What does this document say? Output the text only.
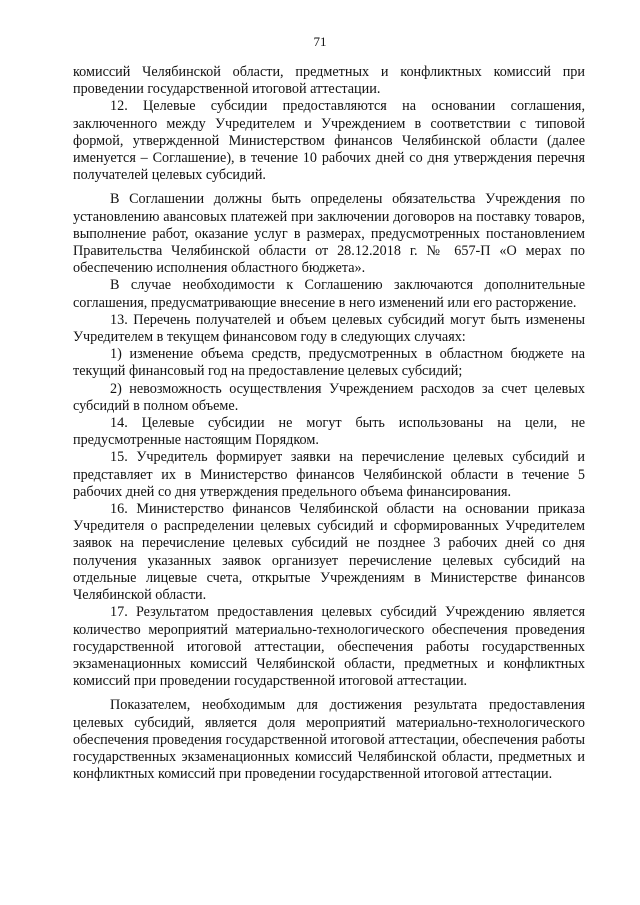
71

комиссий Челябинской области, предметных и конфликтных комиссий при проведении государственной итоговой аттестации.

12. Целевые субсидии предоставляются на основании соглашения, заключенного между Учредителем и Учреждением в соответствии с типовой формой, утвержденной Министерством финансов Челябинской области (далее именуется – Соглашение), в течение 10 рабочих дней со дня утверждения перечня получателей целевых субсидий.

В Соглашении должны быть определены обязательства Учреждения по установлению авансовых платежей при заключении договоров на поставку товаров, выполнение работ, оказание услуг в размерах, предусмотренных постановлением Правительства Челябинской области от 28.12.2018 г. № 657-П «О мерах по обеспечению исполнения областного бюджета».

В случае необходимости к Соглашению заключаются дополнительные соглашения, предусматривающие внесение в него изменений или его расторжение.

13. Перечень получателей и объем целевых субсидий могут быть изменены Учредителем в текущем финансовом году в следующих случаях:

1) изменение объема средств, предусмотренных в областном бюджете на текущий финансовый год на предоставление целевых субсидий;

2) невозможность осуществления Учреждением расходов за счет целевых субсидий в полном объеме.

14. Целевые субсидии не могут быть использованы на цели, не предусмотренные настоящим Порядком.

15. Учредитель формирует заявки на перечисление целевых субсидий и представляет их в Министерство финансов Челябинской области в течение 5 рабочих дней со дня утверждения предельного объема финансирования.

16. Министерство финансов Челябинской области на основании приказа Учредителя о распределении целевых субсидий и сформированных Учредителем заявок на перечисление целевых субсидий не позднее 3 рабочих дней со дня получения указанных заявок организует перечисление целевых субсидий на отдельные лицевые счета, открытые Учреждениям в Министерстве финансов Челябинской области.

17. Результатом предоставления целевых субсидий Учреждению является количество мероприятий материально-технологического обеспечения проведения государственной итоговой аттестации, обеспечения работы государственных экзаменационных комиссий Челябинской области, предметных и конфликтных комиссий при проведении государственной итоговой аттестации.

Показателем, необходимым для достижения результата предоставления целевых субсидий, является доля мероприятий материально-технологического обеспечения проведения государственной итоговой аттестации, обеспечения работы государственных экзаменационных комиссий Челябинской области, предметных и конфликтных комиссий при проведении государственной итоговой аттестации.
